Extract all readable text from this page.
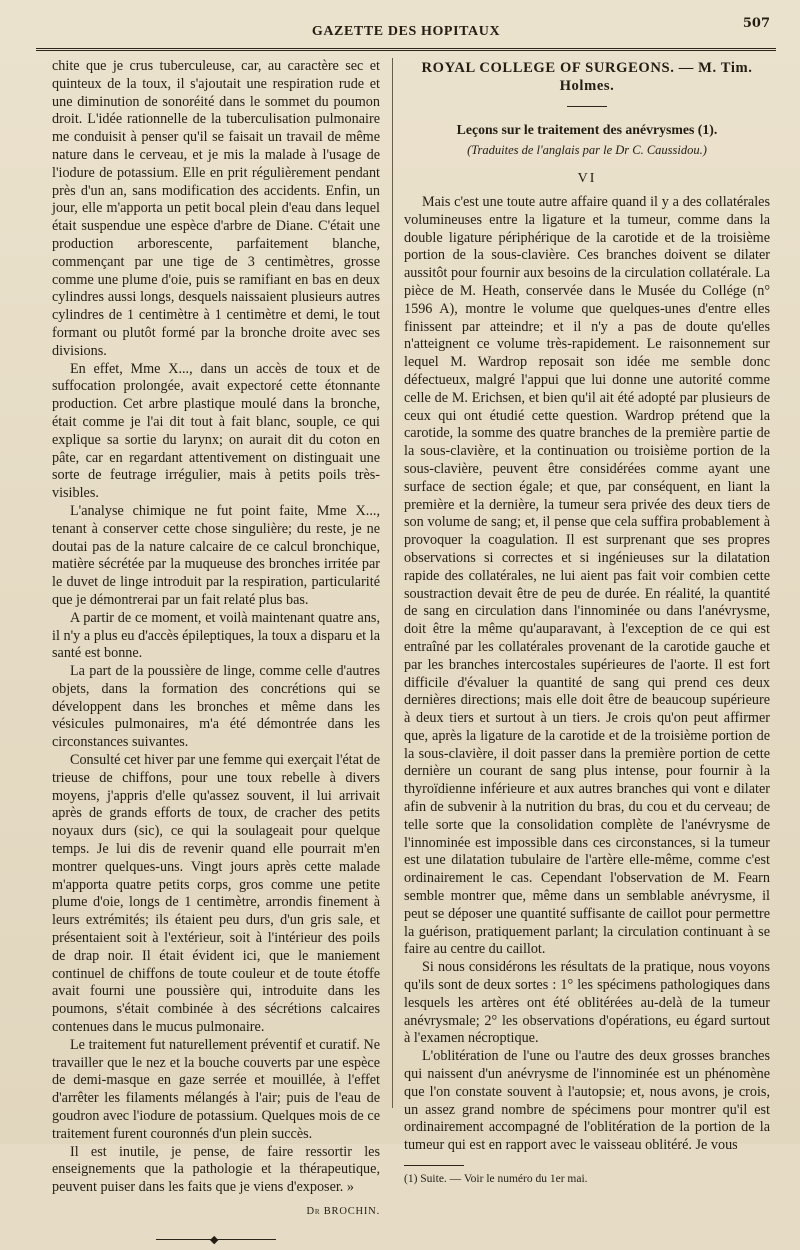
GAZETTE DES HOPITAUX
507

chite que je crus tuberculeuse, car, au caractère sec et quinteux de la toux, il s'ajoutait une respiration rude et une diminution de sonoréité dans le sommet du poumon droit. L'idée rationnelle de la tuberculisation pulmonaire me conduisit à penser qu'il se faisait un travail de même nature dans le cerveau, et je mis la malade à l'usage de l'iodure de potassium. Elle en prit régulièrement pendant près d'un an, sans modification des accidents. Enfin, un jour, elle m'apporta un petit bocal plein d'eau dans lequel était suspendue une espèce d'arbre de Diane. C'était une production arborescente, parfaitement blanche, commençant par une tige de 3 centimètres, grosse comme une plume d'oie, puis se ramifiant en bas en deux cylindres aussi longs, desquels naissaient plusieurs autres cylindres de 1 centimètre à 1 centimètre et demi, le tout formant ou plutôt formé par la bronche droite avec ses divisions.

En effet, Mme X..., dans un accès de toux et de suffocation prolongée, avait expectoré cette étonnante production. Cet arbre plastique moulé dans la bronche, était comme je l'ai dit tout à fait blanc, souple, ce qui explique sa sortie du larynx; on aurait dit du coton en pâte, car en regardant attentivement on distinguait une sorte de feutrage irrégulier, mais à petits poils très-visibles.

L'analyse chimique ne fut point faite, Mme X..., tenant à conserver cette chose singulière; du reste, je ne doutai pas de la nature calcaire de ce calcul bronchique, matière sécrétée par la muqueuse des bronches irritée par le duvet de linge introduit par la respiration, particularité que je démontrerai par un fait relaté plus bas.

A partir de ce moment, et voilà maintenant quatre ans, il n'y a plus eu d'accès épileptiques, la toux a disparu et la santé est bonne.

La part de la poussière de linge, comme celle d'autres objets, dans la formation des concrétions qui se développent dans les bronches et même dans les vésicules pulmonaires, m'a été démontrée dans les circonstances suivantes.

Consulté cet hiver par une femme qui exerçait l'état de trieuse de chiffons, pour une toux rebelle à divers moyens, j'appris d'elle qu'assez souvent, il lui arrivait après de grands efforts de toux, de cracher des petits noyaux durs (sic), ce qui la soulageait pour quelque temps. Je lui dis de revenir quand elle pourrait m'en montrer quelques-uns. Vingt jours après cette malade m'apporta quatre petits corps, gros comme une petite plume d'oie, longs de 1 centimètre, arrondis finement à leurs extrémités; ils étaient peu durs, d'un gris sale, et présentaient soit à l'extérieur, soit à l'intérieur des poils de drap noir. Il était évident ici, que le maniement continuel de chiffons de toute couleur et de toute étoffe avait fourni une poussière qui, introduite dans les poumons, s'était combinée à des sécrétions calcaires contenues dans le mucus pulmonaire.

Le traitement fut naturellement préventif et curatif. Ne travailler que le nez et la bouche couverts par une espèce de demi-masque en gaze serrée et mouillée, à l'effet d'arrêter les filaments mélangés à l'air; puis de l'eau de goudron avec l'iodure de potassium. Quelques mois de ce traitement furent couronnés d'un plein succès.

Il est inutile, je pense, de faire ressortir les enseignements que la pathologie et la thérapeutique, peuvent puiser dans les faits que je viens d'exposer. »

Dr BROCHIN.

◆
ROYAL COLLEGE OF SURGEONS. — M. Tim. Holmes.
Leçons sur le traitement des anévrysmes (1).
(Traduites de l'anglais par le Dr C. Caussidou.)
VI

Mais c'est une toute autre affaire quand il y a des collatérales volumineuses entre la ligature et la tumeur, comme dans la double ligature périphérique de la carotide et de la troisième portion de la sous-clavière. Ces branches doivent se dilater aussitôt pour fournir aux besoins de la circulation collatérale. La pièce de M. Heath, conservée dans le Musée du Collége (n° 1596 A), montre le volume que quelques-unes d'entre elles finissent par atteindre; et il n'y a pas de doute qu'elles n'atteignent ce volume très-rapidement. Le raisonnement sur lequel M. Wardrop reposait son idée me semble donc défectueux, malgré l'appui que lui donne une autorité comme celle de M. Erichsen, et bien qu'il ait été adopté par plusieurs de ceux qui ont étudié cette question. Wardrop prétend que la carotide, la somme des quatre branches de la première partie de la sous-clavière, et la continuation ou troisième portion de la sous-clavière, peuvent être considérées comme ayant une surface de section égale; et que, par conséquent, en liant la première et la dernière, la tumeur sera privée des deux tiers de son volume de sang; et, il pense que cela suffira probablement à provoquer la coagulation. Il est surprenant que ses propres observations si correctes et si ingénieuses sur la dilatation rapide des collatérales, ne lui aient pas fait voir combien cette soustraction devait être de peu de durée. En réalité, la quantité de sang en circulation dans l'innominée ou dans l'anévrysme, doit être la même qu'auparavant, à l'exception de ce qui est entraîné par les collatérales provenant de la carotide gauche et par les branches intercostales supérieures de l'aorte. Il est fort difficile d'évaluer la quantité de sang qui prend ces deux dernières directions; mais elle doit être de beaucoup supérieure à deux tiers et surtout à un tiers. Je crois qu'on peut affirmer que, après la ligature de la carotide et de la troisième portion de la sous-clavière, il doit passer dans la première portion de cette dernière un courant de sang plus intense, pour fournir à la thyroïdienne inférieure et aux autres branches qui vont e dilater afin de subvenir à la nutrition du bras, du cou et du cerveau; de telle sorte que la consolidation complète de l'anévrysme de l'innominée est impossible dans ces circonstances, si la tumeur est une dilatation tubulaire de l'artère elle-même, comme c'est ordinairement le cas. Cependant l'observation de M. Fearn semble montrer que, même dans un semblable anévrysme, il peut se déposer une quantité suffisante de caillot pour permettre la guérison, pratiquement parlant; la circulation continuant à se faire au centre du caillot.

Si nous considérons les résultats de la pratique, nous voyons qu'ils sont de deux sortes : 1° les spécimens pathologiques dans lesquels les artères ont été oblitérées au-delà de la tumeur anévrysmale; 2° les observations d'opérations, eu égard surtout à l'examen nécroptique.

L'oblitération de l'une ou l'autre des deux grosses branches qui naissent d'un anévrysme de l'innominée est un phénomène que l'on constate souvent à l'autopsie; et, nous avons, je crois, un assez grand nombre de spécimens pour montrer qu'il est ordinairement accompagné de l'oblitération de la portion de la tumeur qui est en rapport avec le vaisseau oblitéré. Je vous

(1) Suite. — Voir le numéro du 1er mai.
